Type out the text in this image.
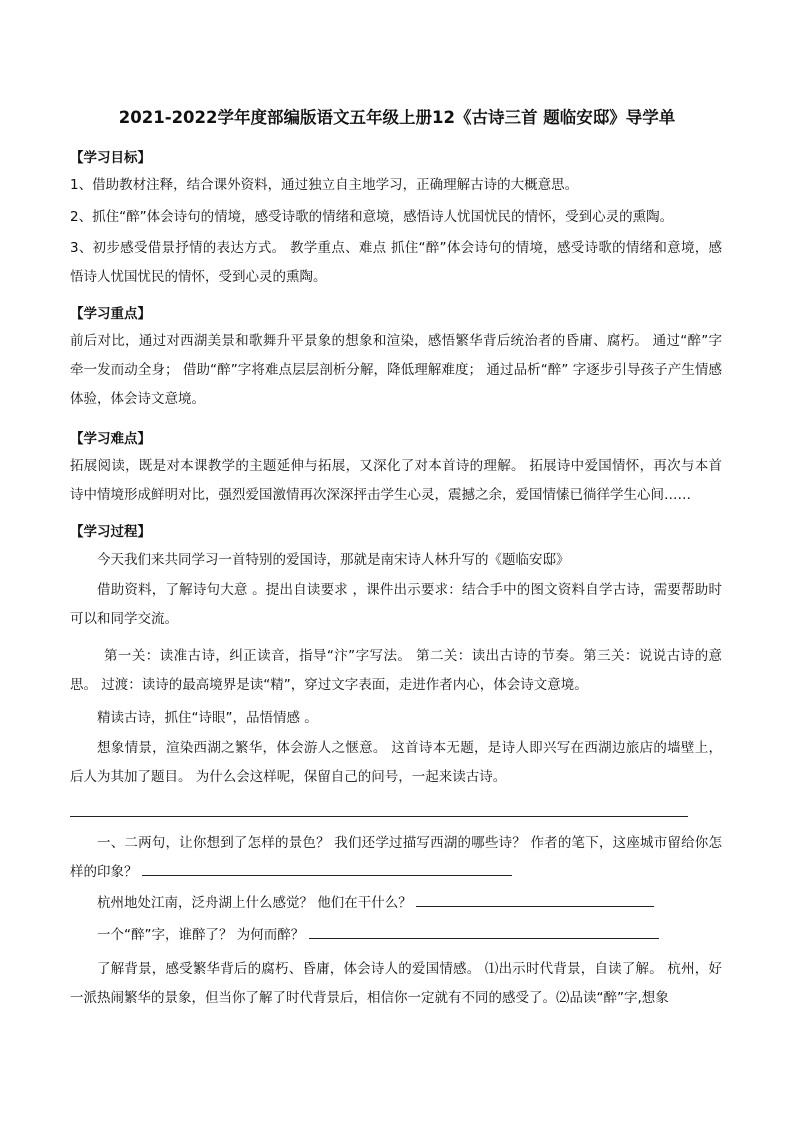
2021-2022学年度部编版语文五年级上册12《古诗三首 题临安邸》导学单
【学习目标】
1、借助教材注释，结合课外资料，通过独立自主地学习，正确理解古诗的大概意思。
2、抓住“醉”体会诗句的情境，感受诗歌的情绪和意境，感悟诗人忧国忧民的情怀，受到心灵的熏陶。
3、初步感受借景抒情的表达方式。 教学重点、难点 抓住“醉”体会诗句的情境，感受诗歌的情绪和意境，感悟诗人忧国忧民的情怀，受到心灵的熏陶。
【学习重点】
前后对比，通过对西湖美景和歌舞升平景象的想象和渲染，感悟繁华背后统治者的昏庸、腐朽。 通过“醉”字牵一发而动全身； 借助“醉”字将难点层层剖析分解，降低理解难度； 通过品析“醉” 字逐步引导孩子产生情感体验，体会诗文意境。
【学习难点】
拓展阅读，既是对本课教学的主题延伸与拓展，又深化了对本首诗的理解。 拓展诗中爱国情怀，再次与本首诗中情境形成鲜明对比，强烈爱国激情再次深深抨击学生心灵，震撼之余，爱国情愫已徜徉学生心间……
【学习过程】
今天我们来共同学习一首特别的爱国诗，那就是南宋诗人林升写的《题临安邸》
借助资料，了解诗句大意 。提出自读要求 ，课件出示要求：结合手中的图文资料自学古诗，需要帮助时可以和同学交流。
第一关：读准古诗，纠正读音，指导“汴”字写法。 第二关：读出古诗的节奏。第三关：说说古诗的意思。 过渡：读诗的最高境界是读“精”，穿过文字表面，走进作者内心，体会诗文意境。
精读古诗，抓住“诗眼”，品悟情感 。
想象情景，渲染西湖之繁华，体会游人之惬意。 这首诗本无题，是诗人即兴写在西湖边旅店的墙壁上，后人为其加了题目。 为什么会这样呢，保留自己的问号，一起来读古诗。
一、二两句，让你想到了怎样的景色？ 我们还学过描写西湖的哪些诗？ 作者的笔下，这座城市留给你怎样的印象？
杭州地处江南，泛舟湖上什么感觉？ 他们在干什么？
一个“醉”字，谁醉了？ 为何而醉？
了解背景，感受繁华背后的腐朽、昏庸，体会诗人的爱国情感。 ⑴出示时代背景，自读了解。 杭州，好一派热闹繁华的景象，但当你了解了时代背景后，相信你一定就有不同的感受了。⑵品读“醉”字,想象
